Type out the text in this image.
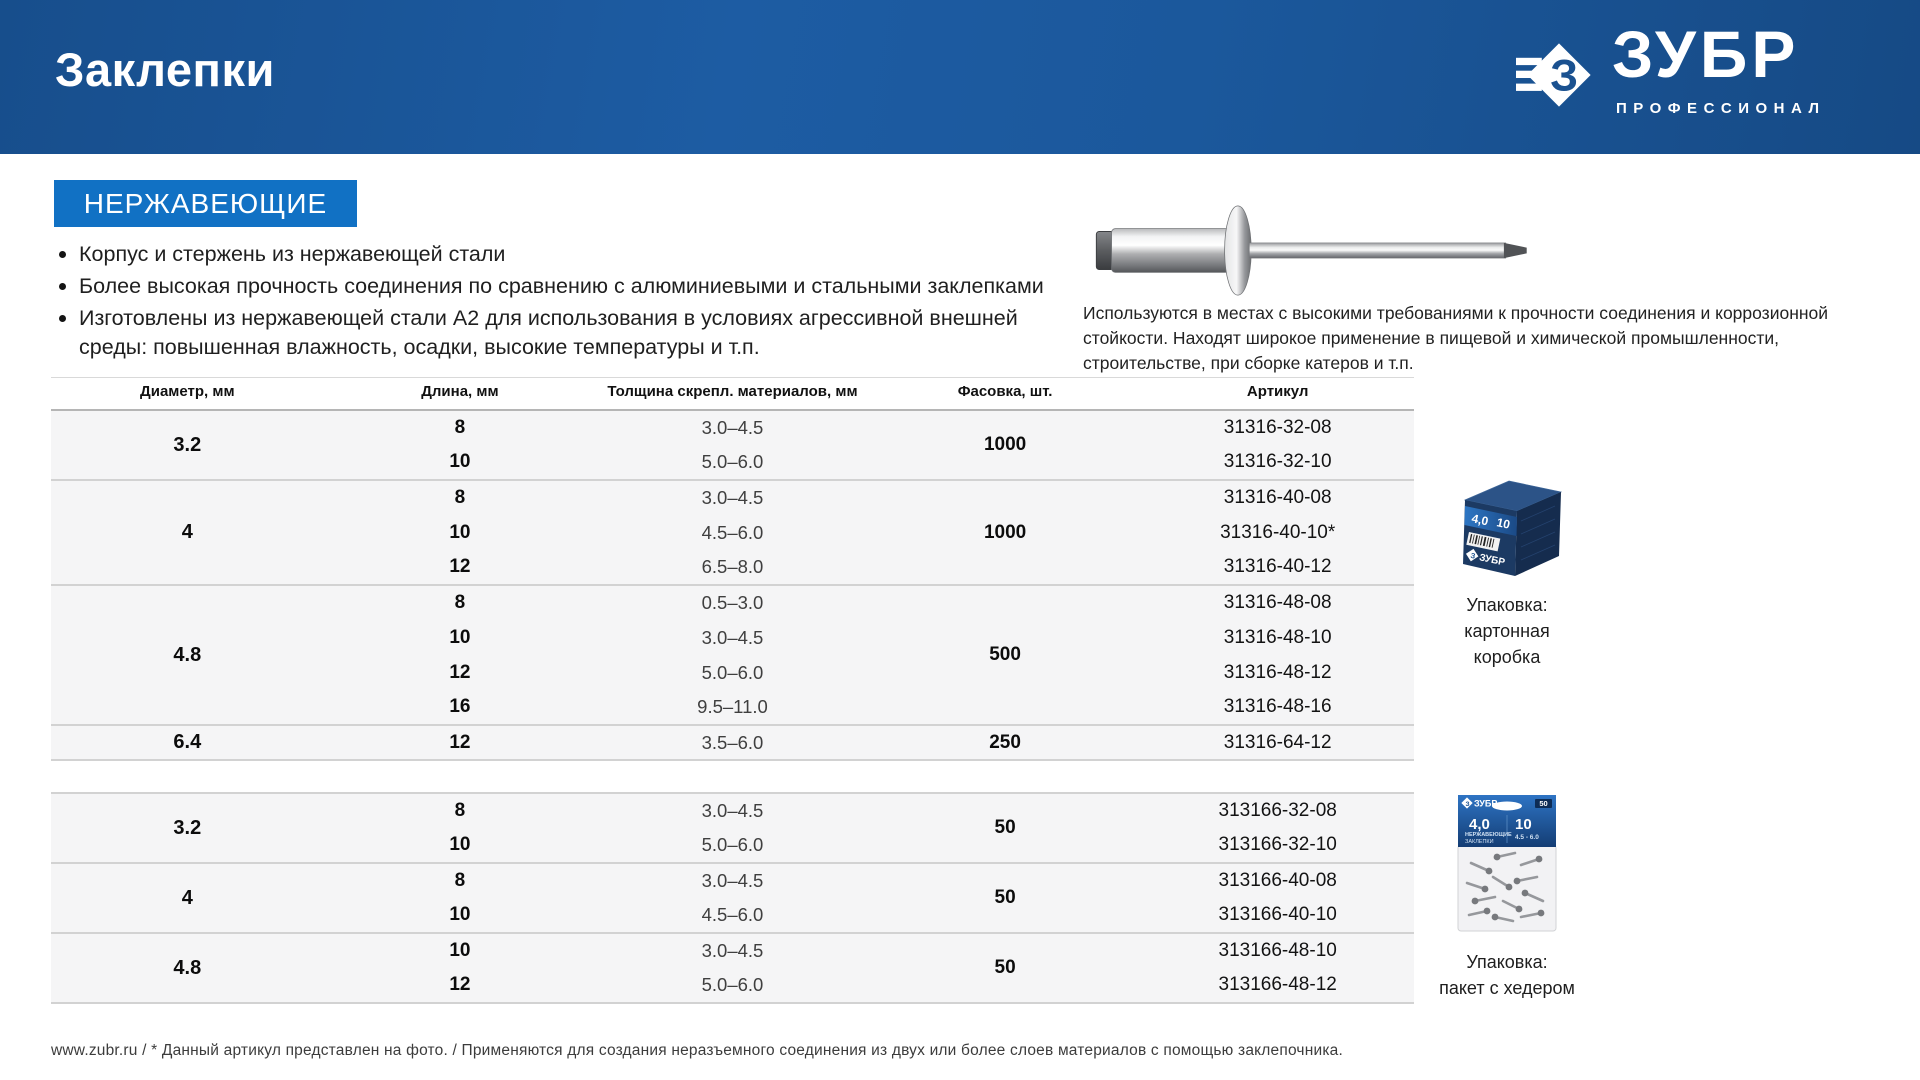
Заклепки	З ЗУБР
ПРОФЕССИОНАЛ
НЕРЖАВЕЮЩИЕ
Корпус и стержень из нержавеющей стали
Более высокая прочность соединения по сравнению с алюминиевыми и стальными заклепками
Изготовлены из нержавеющей стали А2 для использования в условиях агрессивной внешней среды: повышенная влажность, осадки, высокие температуры и т.п.
Используются в местах с высокими требованиями к прочности соединения и коррозионной стойкости. Находят широкое применение в пищевой и химической промышленности, строительстве, при сборке катеров и т.п.
Диаметр, мм	Длина, мм	Толщина скрепл. материалов, мм	Фасовка, шт.	Артикул
3.2	8	3.0–4.5	1000	31316-32-08
	10	5.0–6.0		31316-32-10
4	8	3.0–4.5	1000	31316-40-08
	10	4.5–6.0		31316-40-10*
	12	6.5–8.0		31316-40-12
4.8	8	0.5–3.0	500	31316-48-08
	10	3.0–4.5		31316-48-10
	12	5.0–6.0		31316-48-12
	16	9.5–11.0		31316-48-16
6.4	12	3.5–6.0	250	31316-64-12
3.2	8	3.0–4.5	50	313166-32-08
	10	5.0–6.0		313166-32-10
4	8	3.0–4.5	50	313166-40-08
	10	4.5–6.0		313166-40-10
4.8	10	3.0–4.5	50	313166-48-10
	12	5.0–6.0		313166-48-12
4,0 10
З ЗУБР
Упаковка:
картонная коробка
З ЗУБР	50
4,0 10
4.5 - 6.0
НЕРЖАВЕЮЩИЕ
ЗАКЛЕПКИ
Упаковка:
пакет с хедером
www.zubr.ru / * Данный артикул представлен на фото. / Применяются для создания неразъемного соединения из двух или более слоев материалов с помощью заклепочника.
